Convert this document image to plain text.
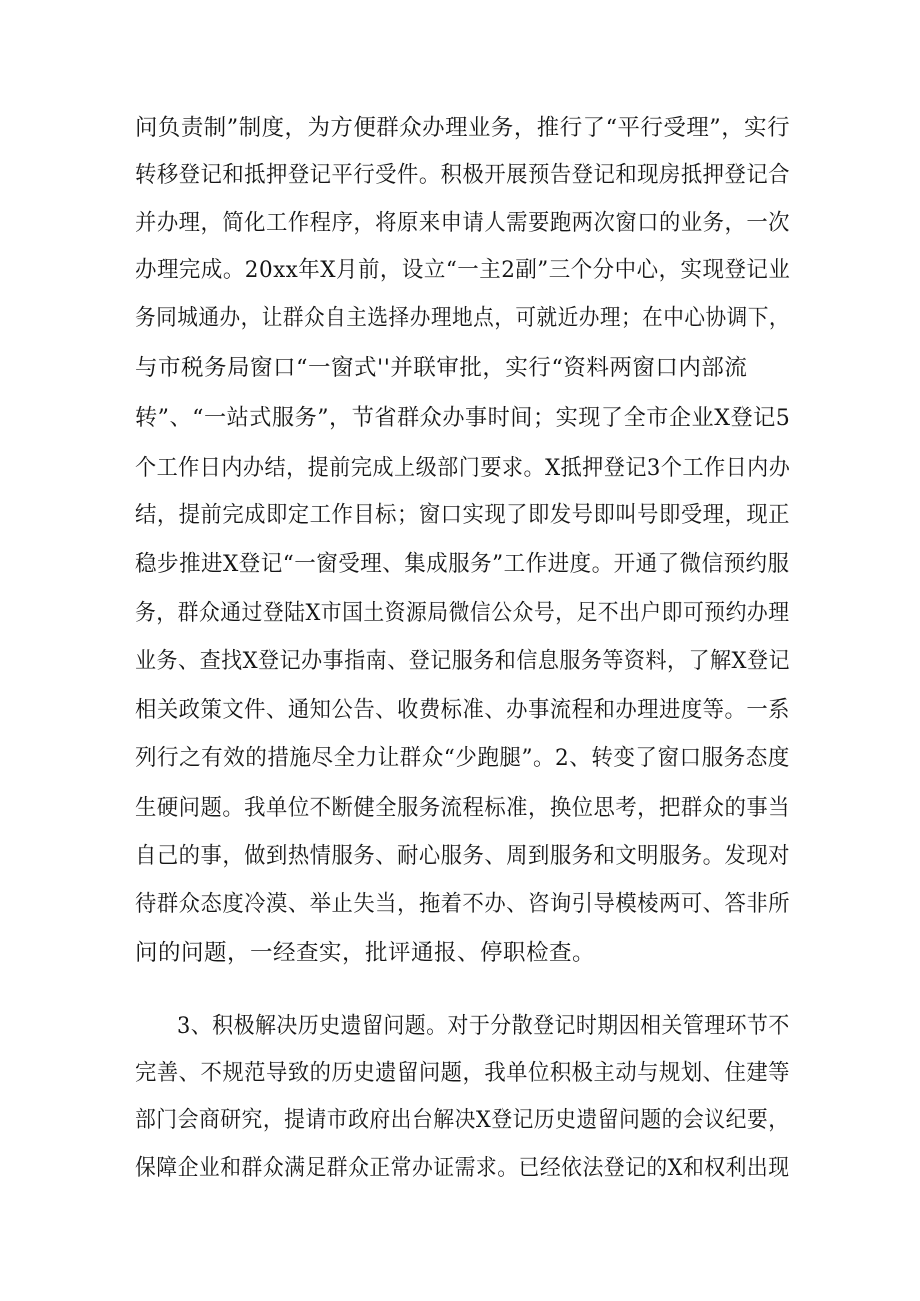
问负责制”制度，为方便群众办理业务，推行了“平行受理”，实行
转移登记和抵押登记平行受件。积极开展预告登记和现房抵押登记合
并办理，简化工作程序，将原来申请人需要跑两次窗口的业务，一次
办理完成。20xx年X月前，设立“一主2副”三个分中心，实现登记业
务同城通办，让群众自主选择办理地点，可就近办理；在中心协调下，
与市税务局窗口“一窗式''并联审批，实行“资料两窗口内部流
转”、“一站式服务”，节省群众办事时间；实现了全市企业X登记5
个工作日内办结，提前完成上级部门要求。X抵押登记3个工作日内办
结，提前完成即定工作目标；窗口实现了即发号即叫号即受理，现正
稳步推进X登记“一窗受理、集成服务”工作进度。开通了微信预约服
务，群众通过登陆X市国土资源局微信公众号，足不出户即可预约办理
业务、查找X登记办事指南、登记服务和信息服务等资料，了解X登记
相关政策文件、通知公告、收费标准、办事流程和办理进度等。一系
列行之有效的措施尽全力让群众“少跑腿”。2、转变了窗口服务态度
生硬问题。我单位不断健全服务流程标准，换位思考，把群众的事当
自己的事，做到热情服务、耐心服务、周到服务和文明服务。发现对
待群众态度冷漠、举止失当，拖着不办、咨询引导模棱两可、答非所
问的问题，一经查实，批评通报、停职检查。
3、积极解决历史遗留问题。对于分散登记时期因相关管理环节不
完善、不规范导致的历史遗留问题，我单位积极主动与规划、住建等
部门会商研究，提请市政府出台解决X登记历史遗留问题的会议纪要，
保障企业和群众满足群众正常办证需求。已经依法登记的X和权利出现
